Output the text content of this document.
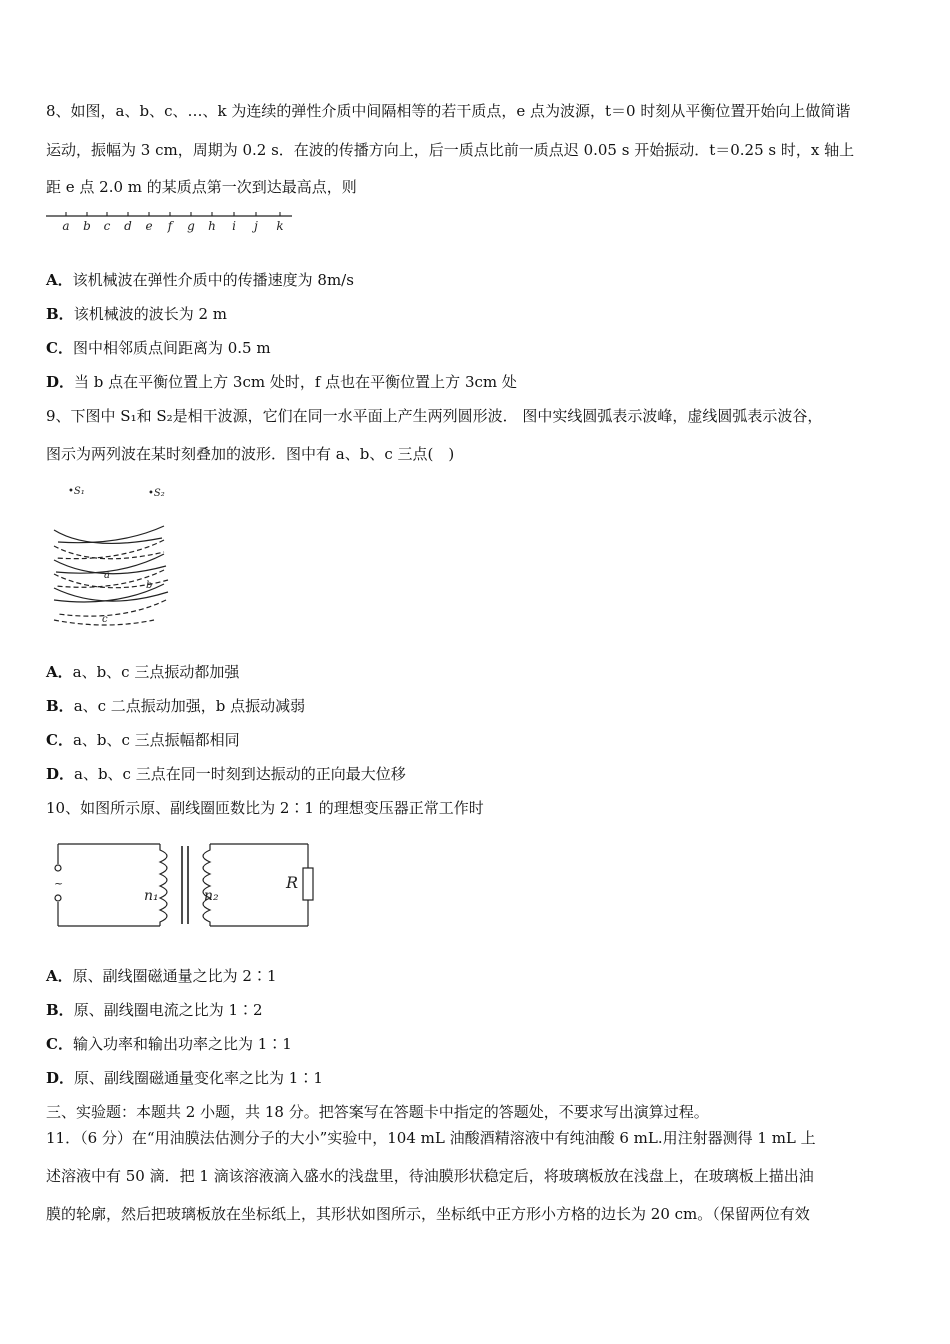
8、如图，a、b、c、…、k 为连续的弹性介质中间隔相等的若干质点，e 点为波源，t＝0 时刻从平衡位置开始向上做简谐
运动，振幅为 3 cm，周期为 0.2 s．在波的传播方向上，后一质点比前一质点迟 0.05 s 开始振动．t＝0.25 s 时，x 轴上
距 e 点 2.0 m 的某质点第一次到达最高点，则
a b c d e f g h i j k
A．该机械波在弹性介质中的传播速度为 8m/s
B．该机械波的波长为 2 m
C．图中相邻质点间距离为 0.5 m
D．当 b 点在平衡位置上方 3cm 处时，f 点也在平衡位置上方 3cm 处
9、下图中 S₁和 S₂是相干波源，它们在同一水平面上产生两列圆形波． 图中实线圆弧表示波峰，虚线圆弧表示波谷，
图示为两列波在某时刻叠加的波形．图中有 a、b、c 三点(　)
•S₁	•S₂
a
b
c
A．a、b、c 三点振动都加强
B．a、c 二点振动加强，b 点振动减弱
C．a、b、c 三点振幅都相同
D．a、b、c 三点在同一时刻到达振动的正向最大位移
10、如图所示原、副线圈匝数比为 2∶1 的理想变压器正常工作时
~
n₁	n₂
R
A．原、副线圈磁通量之比为 2∶1
B．原、副线圈电流之比为 1∶2
C．输入功率和输出功率之比为 1∶1
D．原、副线圈磁通量变化率之比为 1∶1
三、实验题：本题共 2 小题，共 18 分。把答案写在答题卡中指定的答题处，不要求写出演算过程。
11．（6 分）在“用油膜法估测分子的大小”实验中，104 mL 油酸酒精溶液中有纯油酸 6 mL.用注射器测得 1 mL 上
述溶液中有 50 滴．把 1 滴该溶液滴入盛水的浅盘里，待油膜形状稳定后，将玻璃板放在浅盘上，在玻璃板上描出油
膜的轮廓，然后把玻璃板放在坐标纸上，其形状如图所示，坐标纸中正方形小方格的边长为 20 cm。（保留两位有效
